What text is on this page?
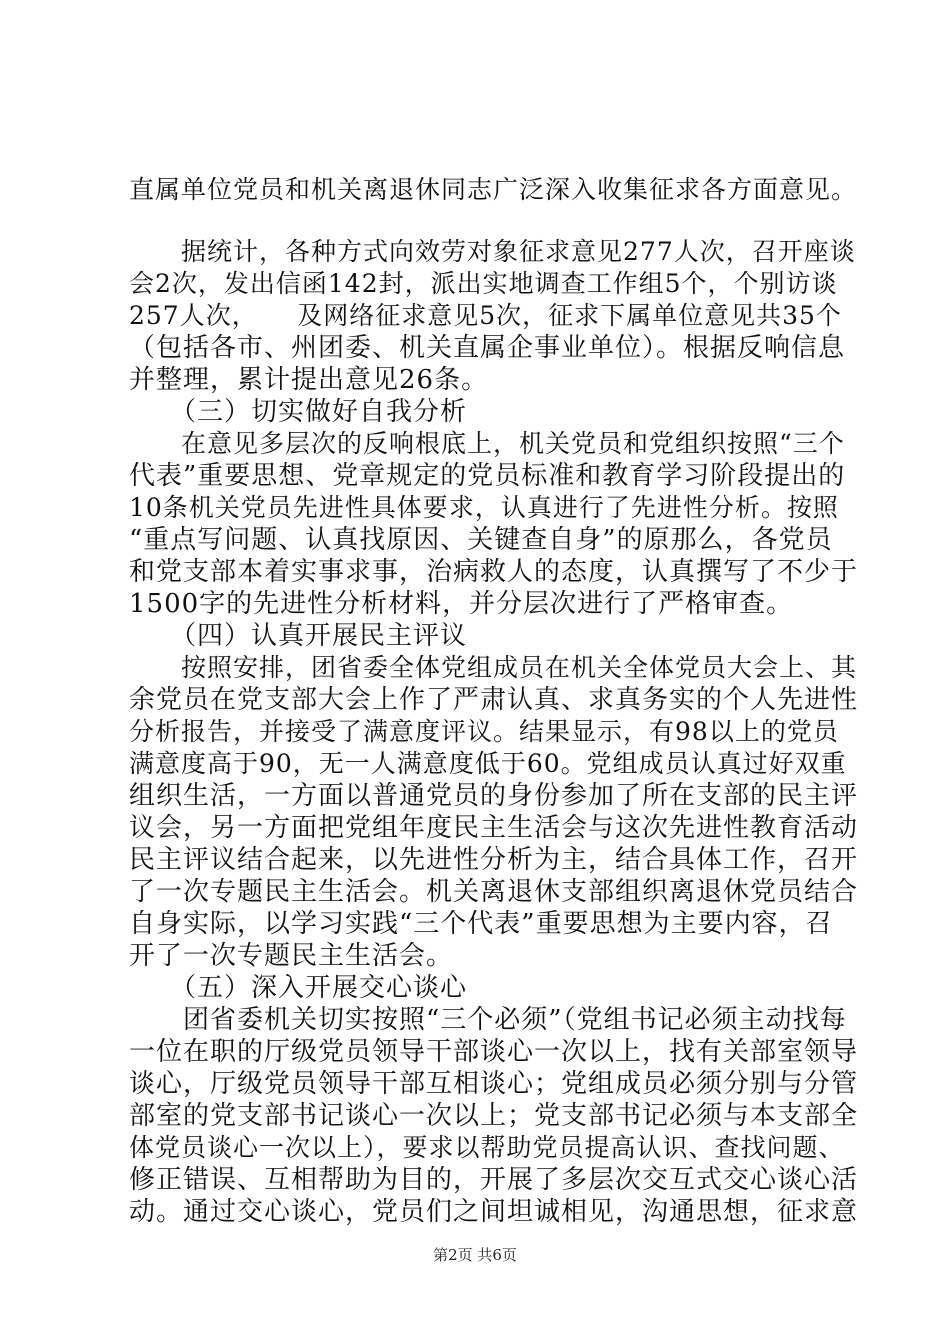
直属单位党员和机关离退休同志广泛深入收集征求各方面意见。
　　据统计，各种方式向效劳对象征求意见277人次，召开座谈
会2次，发出信函142封，派出实地调查工作组5个，个别访谈
257人次，　　及网络征求意见5次，征求下属单位意见共35个
（包括各市、州团委、机关直属企事业单位）。根据反响信息
并整理，累计提出意见26条。
　　（三）切实做好自我分析
　　在意见多层次的反响根底上，机关党员和党组织按照“三个
代表”重要思想、党章规定的党员标准和教育学习阶段提出的
10条机关党员先进性具体要求，认真进行了先进性分析。按照
“重点写问题、认真找原因、关键查自身”的原那么，各党员
和党支部本着实事求事，治病救人的态度，认真撰写了不少于
1500字的先进性分析材料，并分层次进行了严格审查。
　　（四）认真开展民主评议
　　按照安排，团省委全体党组成员在机关全体党员大会上、其
余党员在党支部大会上作了严肃认真、求真务实的个人先进性
分析报告，并接受了满意度评议。结果显示，有98以上的党员
满意度高于90，无一人满意度低于60。党组成员认真过好双重
组织生活，一方面以普通党员的身份参加了所在支部的民主评
议会，另一方面把党组年度民主生活会与这次先进性教育活动
民主评议结合起来，以先进性分析为主，结合具体工作，召开
了一次专题民主生活会。机关离退休支部组织离退休党员结合
自身实际，以学习实践“三个代表”重要思想为主要内容，召
开了一次专题民主生活会。
　　（五）深入开展交心谈心
　　团省委机关切实按照“三个必须”（党组书记必须主动找每
一位在职的厅级党员领导干部谈心一次以上，找有关部室领导
谈心，厅级党员领导干部互相谈心；党组成员必须分别与分管
部室的党支部书记谈心一次以上；党支部书记必须与本支部全
体党员谈心一次以上），要求以帮助党员提高认识、查找问题、
修正错误、互相帮助为目的，开展了多层次交互式交心谈心活
动。通过交心谈心，党员们之间坦诚相见，沟通思想，征求意
第2页 共6页
